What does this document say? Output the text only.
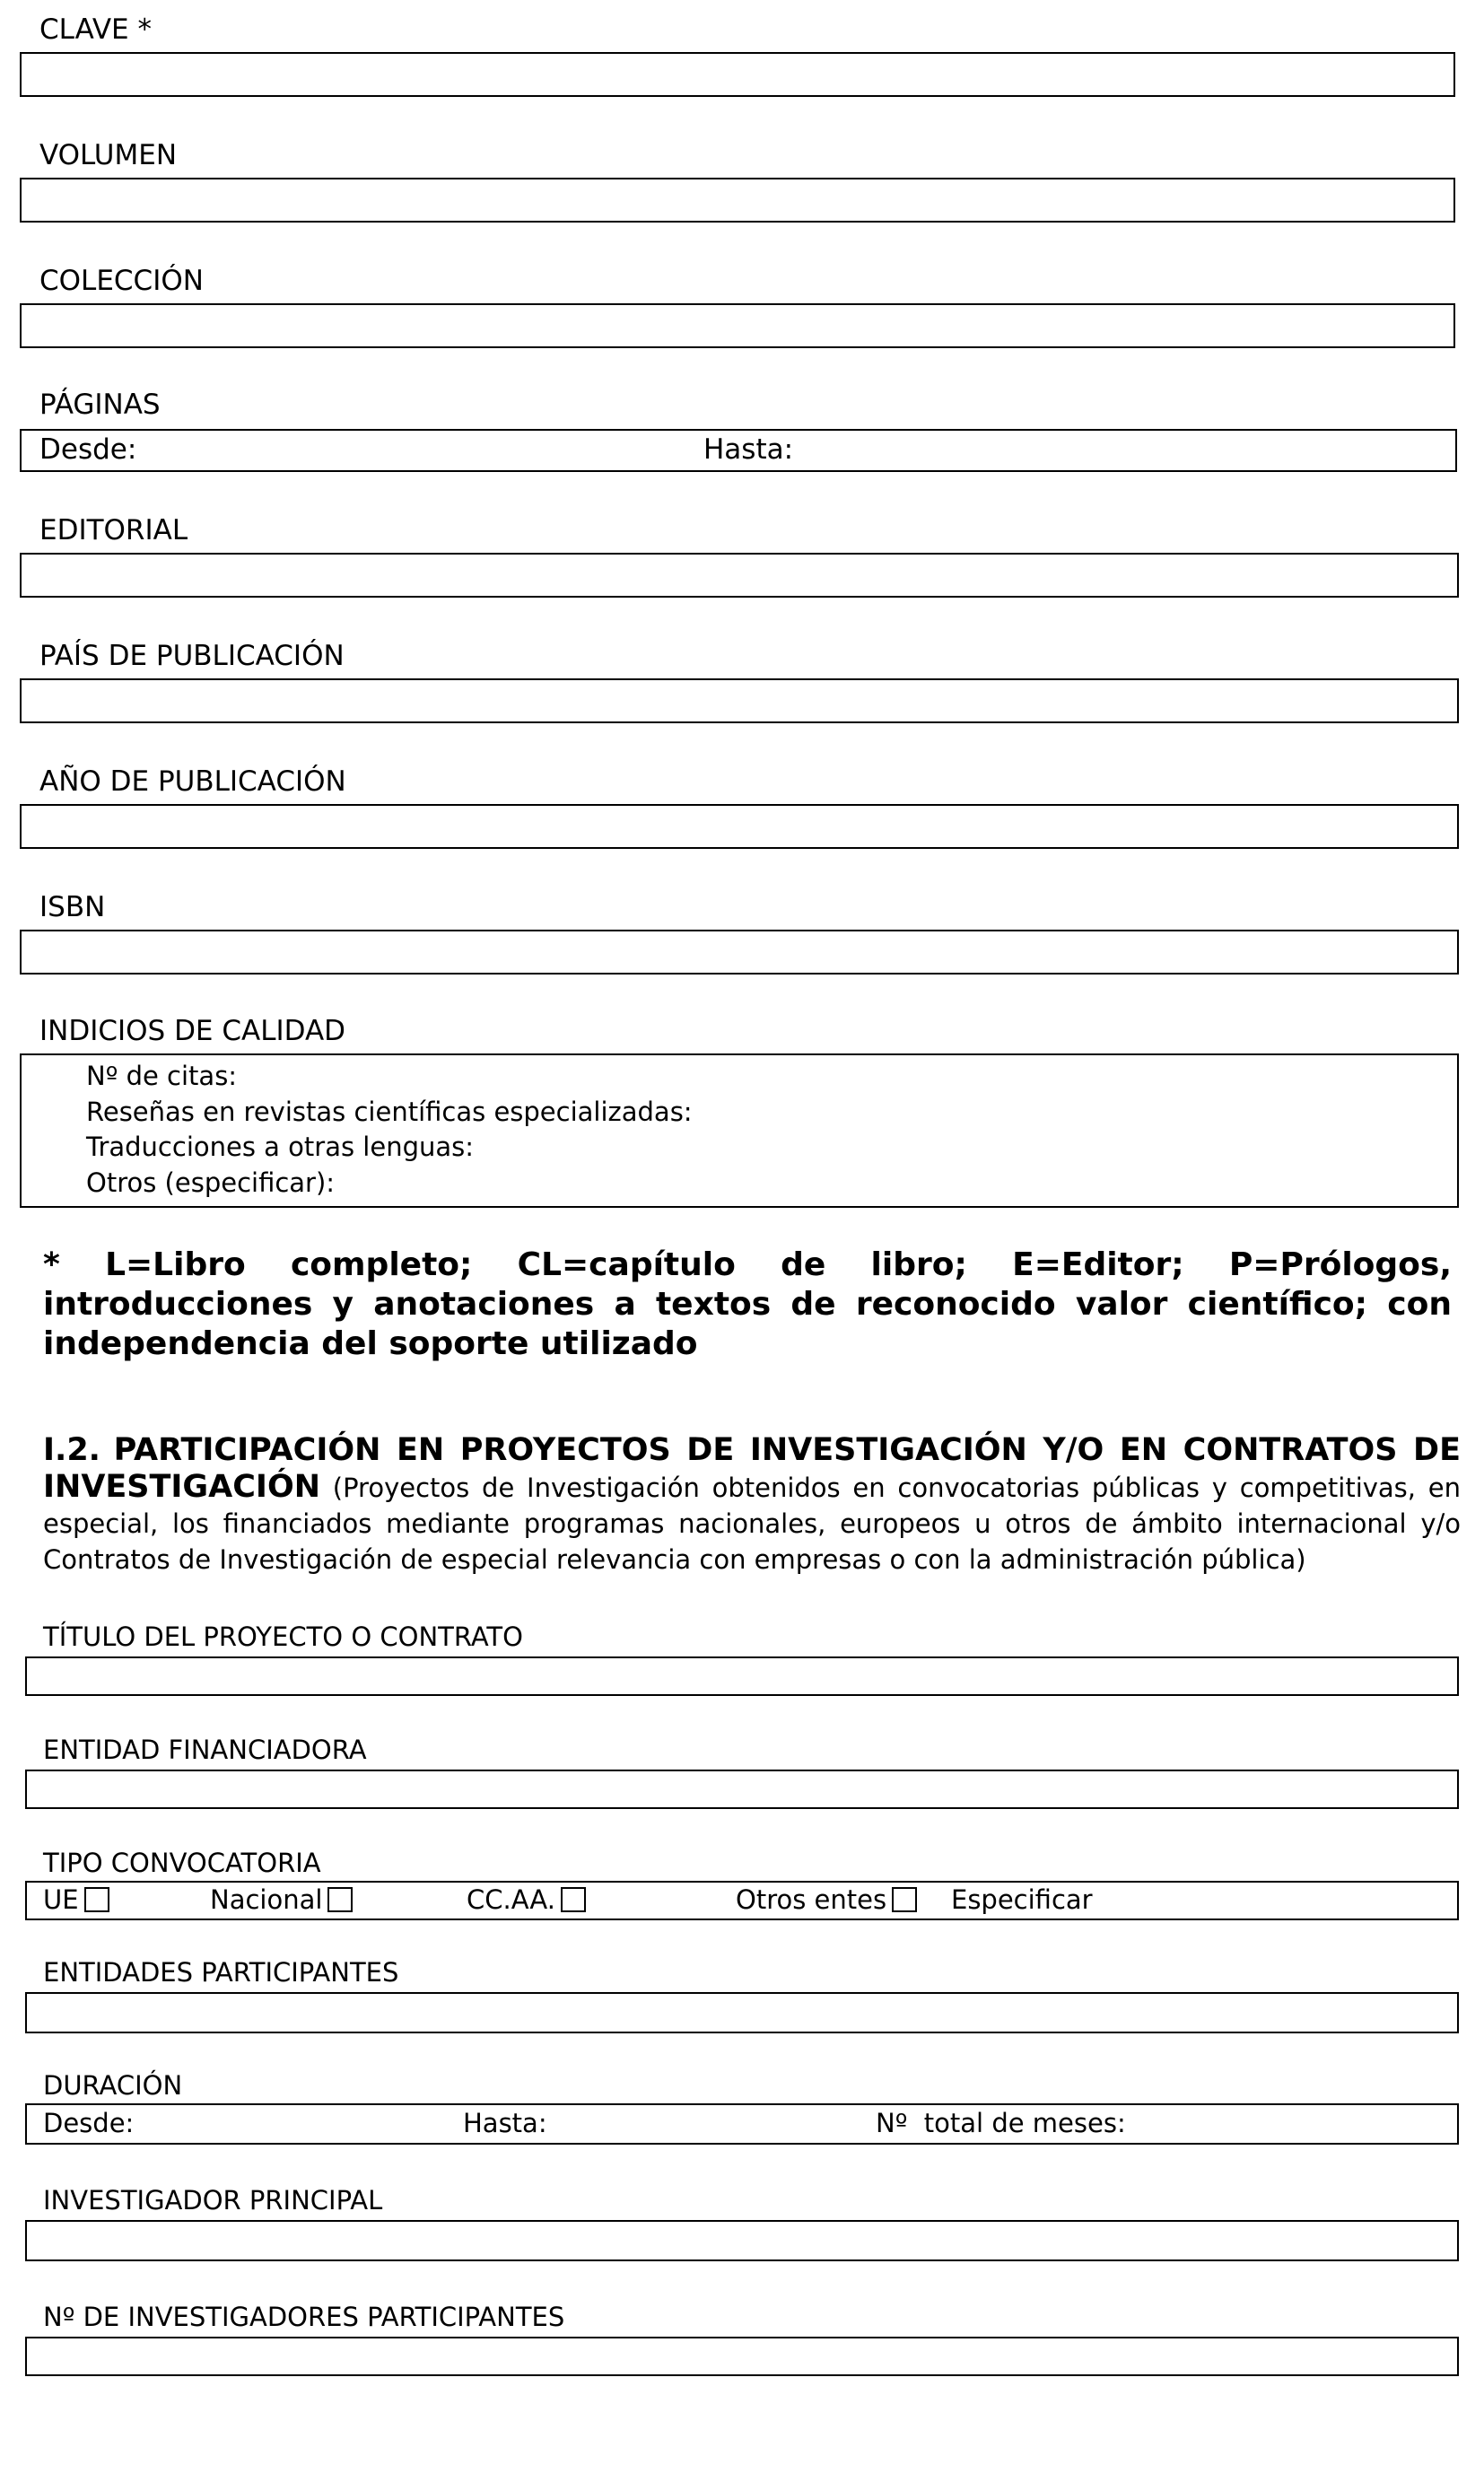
CLAVE *
VOLUMEN
COLECCIÓN
PÁGINAS
Desde:	Hasta:
EDITORIAL
PAÍS DE PUBLICACIÓN
AÑO DE PUBLICACIÓN
ISBN
INDICIOS DE CALIDAD
Nº de citas:
Reseñas en revistas científicas especializadas:
Traducciones a otras lenguas:
Otros (especificar):
* L=Libro completo; CL=capítulo de libro; E=Editor; P=Prólogos, introducciones y anotaciones a textos de reconocido valor científico; con independencia del soporte utilizado
I.2. PARTICIPACIÓN EN PROYECTOS DE INVESTIGACIÓN Y/O EN CONTRATOS DE
INVESTIGACIÓN (Proyectos de Investigación obtenidos en convocatorias públicas y competitivas, en
especial, los financiados mediante programas nacionales, europeos u otros de ámbito internacional y/o
Contratos de Investigación de especial relevancia con empresas o con la administración pública)
TÍTULO DEL PROYECTO O CONTRATO
ENTIDAD FINANCIADORA
TIPO CONVOCATORIA
UE	Nacional	CC.AA.	Otros entes	Especificar
ENTIDADES PARTICIPANTES
DURACIÓN
Desde:	Hasta:	Nº  total de meses:
INVESTIGADOR PRINCIPAL
Nº DE INVESTIGADORES PARTICIPANTES
